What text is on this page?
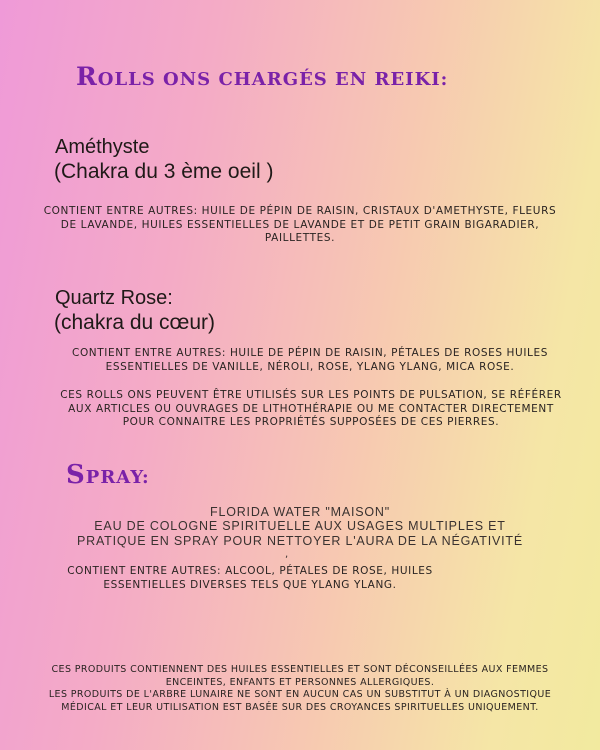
ROLLS ONS CHARGÉS EN REIKI:
Améthyste
(Chakra du 3 ème oeil )
CONTIENT ENTRE AUTRES: HUILE DE PÉPIN DE RAISIN, CRISTAUX D'AMETHYSTE, FLEURS DE LAVANDE, HUILES ESSENTIELLES DE LAVANDE ET DE PETIT GRAIN BIGARADIER, PAILLETTES.
Quartz Rose:
(chakra du cœur)
CONTIENT ENTRE AUTRES: HUILE DE PÉPIN DE RAISIN, PÉTALES DE ROSES HUILES ESSENTIELLES DE VANILLE, NÉROLI, ROSE, YLANG YLANG, MICA ROSE.
CES ROLLS ONS PEUVENT ÊTRE UTILISÉS SUR LES POINTS DE PULSATION, SE RÉFÉRER AUX ARTICLES OU OUVRAGES DE LITHOTHÉRAPIE OU ME CONTACTER DIRECTEMENT POUR CONNAITRE LES PROPRIÉTÉS SUPPOSÉES DE CES PIERRES.
SPRAY:
FLORIDA WATER "MAISON"
EAU DE COLOGNE SPIRITUELLE AUX USAGES MULTIPLES ET PRATIQUE EN SPRAY POUR NETTOYER L'AURA DE LA NÉGATIVITÉ
,
CONTIENT ENTRE AUTRES: ALCOOL, PÉTALES DE ROSE, HUILES ESSENTIELLES DIVERSES TELS QUE YLANG YLANG.
CES PRODUITS CONTIENNENT DES HUILES ESSENTIELLES ET SONT DÉCONSEILLÉES AUX FEMMES ENCEINTES, ENFANTS ET PERSONNES ALLERGIQUES.
LES PRODUITS DE L'ARBRE LUNAIRE NE SONT EN AUCUN CAS UN SUBSTITUT À UN DIAGNOSTIQUE MÉDICAL ET LEUR UTILISATION EST BASÉE SUR DES CROYANCES SPIRITUELLES UNIQUEMENT.
